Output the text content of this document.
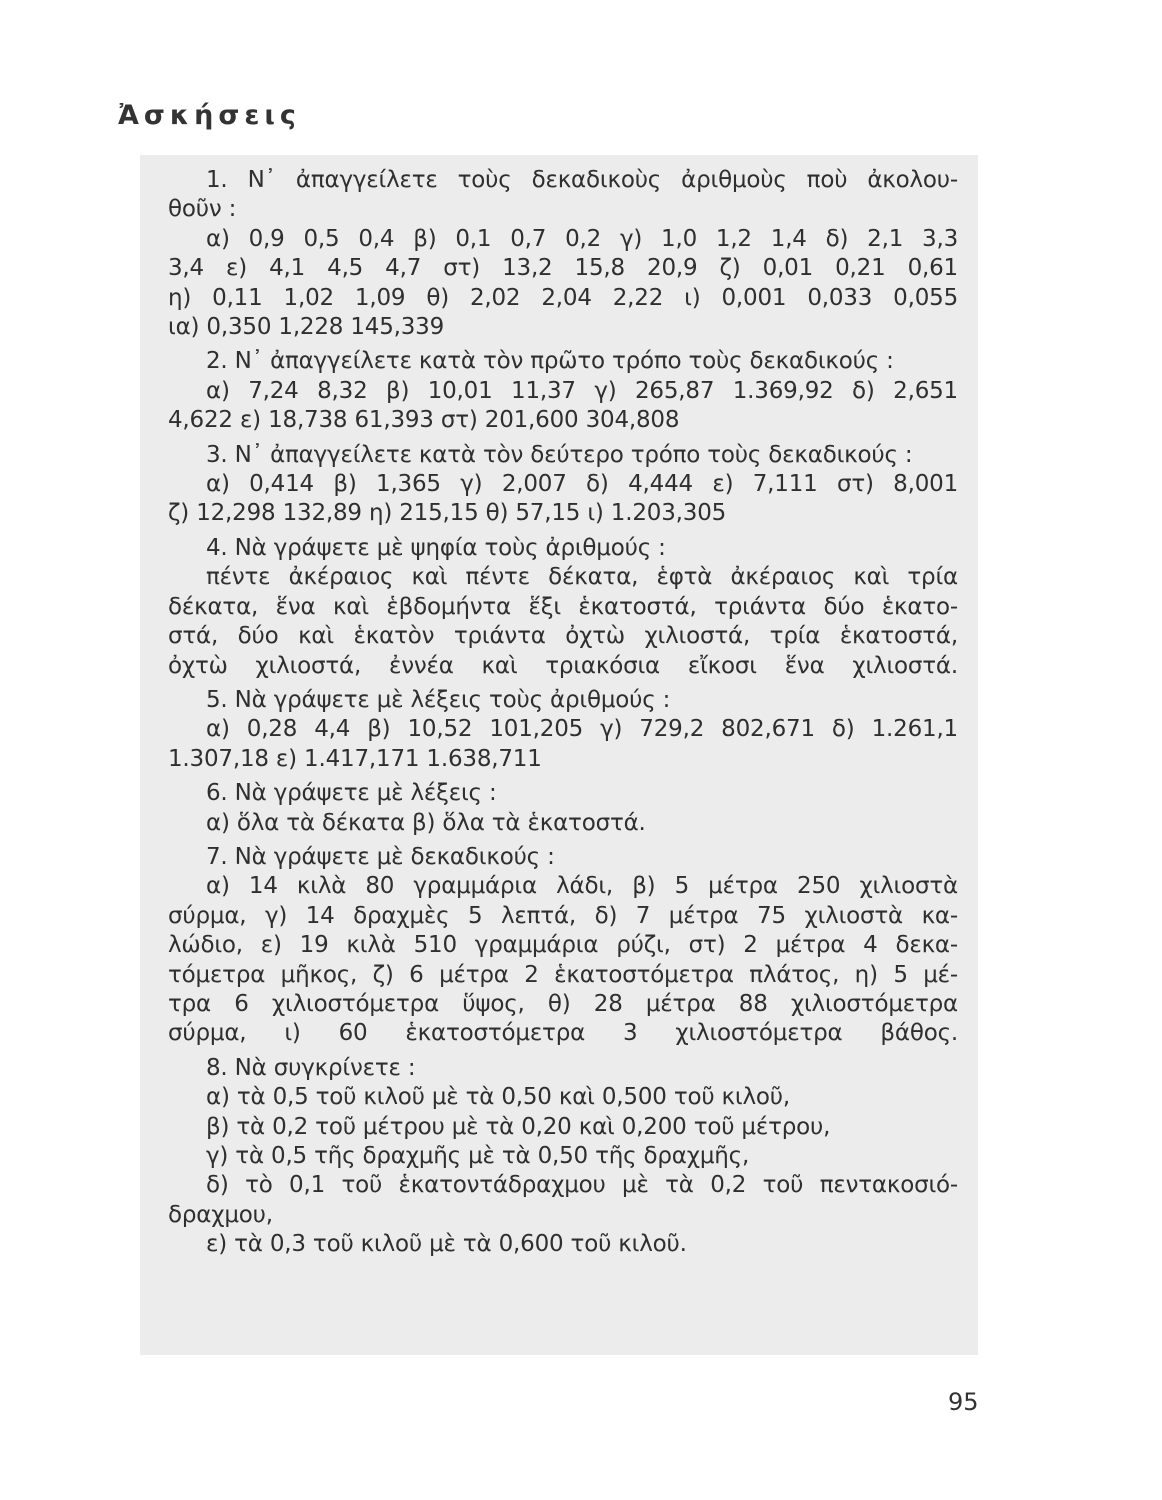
Ἀσκήσεις
1. Ν᾽ ἀπαγγείλετε τοὺς δεκαδικοὺς ἀριθμοὺς ποὺ ἀκολου-
θοῦν :
α) 0,9 0,5 0,4 β) 0,1 0,7 0,2 γ) 1,0 1,2 1,4 δ) 2,1 3,3
3,4 ε) 4,1 4,5 4,7 στ) 13,2 15,8 20,9 ζ) 0,01 0,21 0,61
η) 0,11 1,02 1,09 θ) 2,02 2,04 2,22 ι) 0,001 0,033 0,055
ια) 0,350 1,228 145,339
2. Ν᾽ ἀπαγγείλετε κατὰ τὸν πρῶτο τρόπο τοὺς δεκαδικούς :
α) 7,24 8,32 β) 10,01 11,37 γ) 265,87 1.369,92 δ) 2,651
4,622 ε) 18,738 61,393 στ) 201,600 304,808
3. Ν᾽ ἀπαγγείλετε κατὰ τὸν δεύτερο τρόπο τοὺς δεκαδικούς :
α) 0,414 β) 1,365 γ) 2,007 δ) 4,444 ε) 7,111 στ) 8,001
ζ) 12,298 132,89 η) 215,15 θ) 57,15 ι) 1.203,305
4. Νὰ γράψετε μὲ ψηφία τοὺς ἀριθμούς :
πέντε ἀκέραιος καὶ πέντε δέκατα, ἑφτὰ ἀκέραιος καὶ τρία
δέκατα, ἕνα καὶ ἑβδομήντα ἕξι ἑκατοστά, τριάντα δύο ἑκατο-
στά, δύο καὶ ἑκατὸν τριάντα ὀχτὼ χιλιοστά, τρία ἑκατοστά,
ὀχτὼ χιλιοστά, ἐννέα καὶ τριακόσια εἴκοσι ἕνα χιλιοστά.
5. Νὰ γράψετε μὲ λέξεις τοὺς ἀριθμούς :
α) 0,28 4,4 β) 10,52 101,205 γ) 729,2 802,671 δ) 1.261,1
1.307,18 ε) 1.417,171 1.638,711
6. Νὰ γράψετε μὲ λέξεις :
α) ὅλα τὰ δέκατα β) ὅλα τὰ ἑκατοστά.
7. Νὰ γράψετε μὲ δεκαδικούς :
α) 14 κιλὰ 80 γραμμάρια λάδι, β) 5 μέτρα 250 χιλιοστὰ
σύρμα, γ) 14 δραχμὲς 5 λεπτά, δ) 7 μέτρα 75 χιλιοστὰ κα-
λώδιο, ε) 19 κιλὰ 510 γραμμάρια ρύζι, στ) 2 μέτρα 4 δεκα-
τόμετρα μῆκος, ζ) 6 μέτρα 2 ἑκατοστόμετρα πλάτος, η) 5 μέ-
τρα 6 χιλιοστόμετρα ὕψος, θ) 28 μέτρα 88 χιλιοστόμετρα
σύρμα, ι) 60 ἑκατοστόμετρα 3 χιλιοστόμετρα βάθος.
8. Νὰ συγκρίνετε :
α) τὰ 0,5 τοῦ κιλοῦ μὲ τὰ 0,50 καὶ 0,500 τοῦ κιλοῦ,
β) τὰ 0,2 τοῦ μέτρου μὲ τὰ 0,20 καὶ 0,200 τοῦ μέτρου,
γ) τὰ 0,5 τῆς δραχμῆς μὲ τὰ 0,50 τῆς δραχμῆς,
δ) τὸ 0,1 τοῦ ἑκατοντάδραχμου μὲ τὰ 0,2 τοῦ πεντακοσιό-
δραχμου,
ε) τὰ 0,3 τοῦ κιλοῦ μὲ τὰ 0,600 τοῦ κιλοῦ.
95
